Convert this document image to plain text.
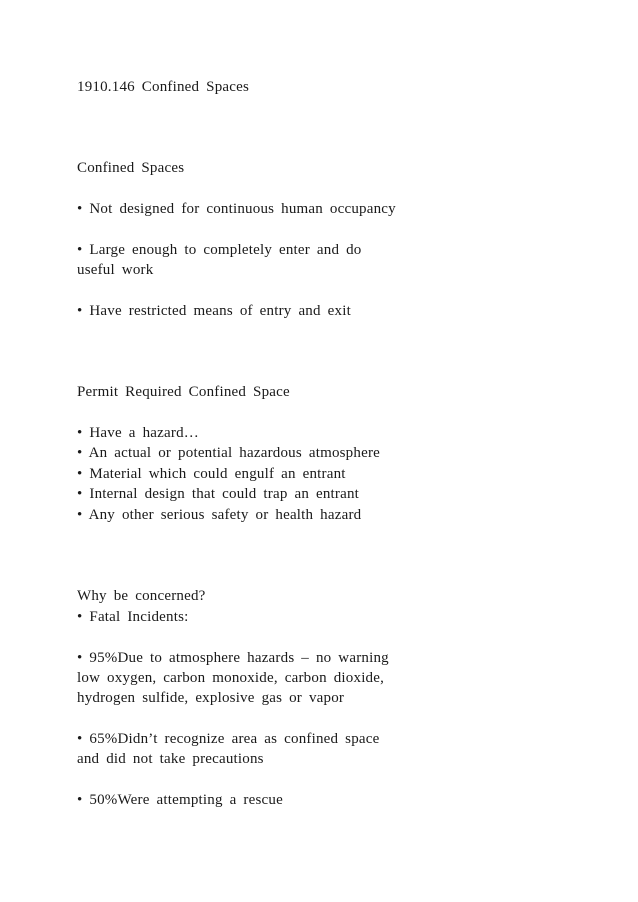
1910.146 Confined Spaces
Confined Spaces
• Not designed for continuous human occupancy
• Large enough to completely enter and do
useful work
• Have restricted means of entry and exit
Permit Required Confined Space
• Have a hazard…
• An actual or potential hazardous atmosphere
• Material which could engulf an entrant
• Internal design that could trap an entrant
• Any other serious safety or health hazard
Why be concerned?
• Fatal Incidents:
• 95%Due to atmosphere hazards – no warning
low oxygen, carbon monoxide, carbon dioxide,
hydrogen sulfide, explosive gas or vapor
• 65%Didn’t recognize area as confined space
and did not take precautions
• 50%Were attempting a rescue
